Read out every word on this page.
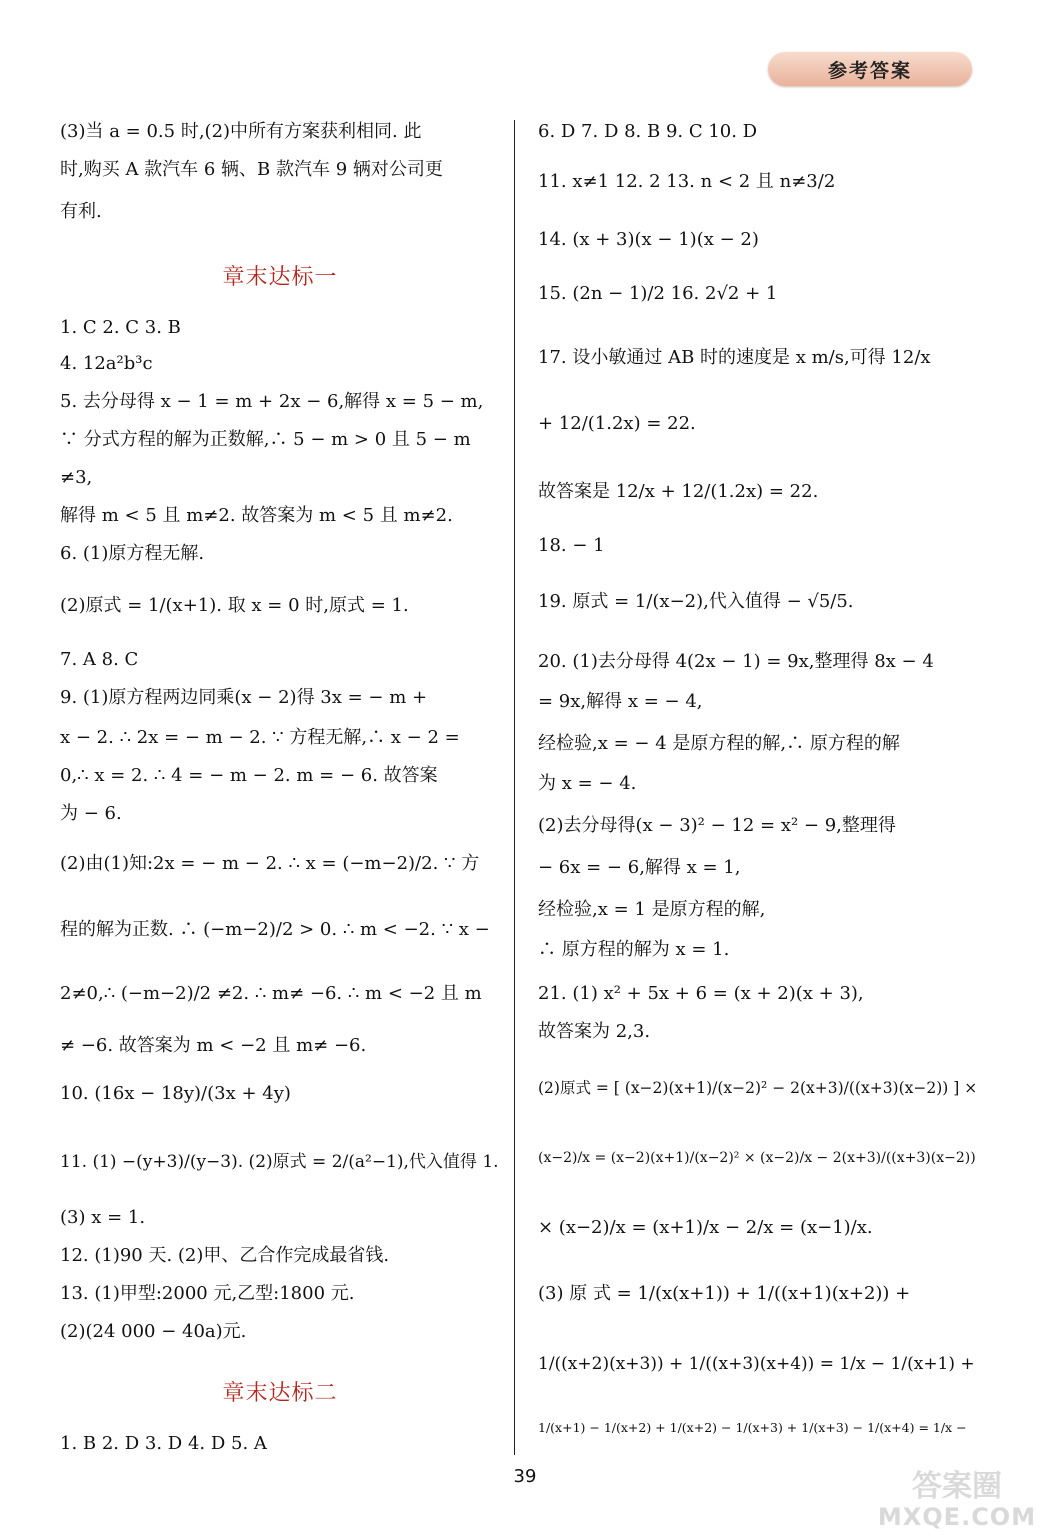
参考答案
(3)当 a = 0.5 时,(2)中所有方案获利相同. 此
时,购买 A 款汽车 6 辆、B 款汽车 9 辆对公司更
有利.
章末达标一
1. C 2. C 3. B
4. 12a²b³c
5. 去分母得 x − 1 = m + 2x − 6,解得 x = 5 − m,
∵ 分式方程的解为正数解,∴ 5 − m > 0 且 5 − m
≠3,
解得 m < 5 且 m≠2. 故答案为 m < 5 且 m≠2.
6. (1)原方程无解.
(2)原式 = 1/(x+1). 取 x = 0 时,原式 = 1.
7. A 8. C
9. (1)原方程两边同乘(x − 2)得 3x = − m +
x − 2. ∴ 2x = − m − 2. ∵ 方程无解,∴ x − 2 =
0,∴ x = 2. ∴ 4 = − m − 2. m = − 6. 故答案
为 − 6.
(2)由(1)知:2x = − m − 2. ∴ x = (−m−2)/2. ∵ 方
程的解为正数. ∴ (−m−2)/2 > 0. ∴ m < −2. ∵ x −
2≠0,∴ (−m−2)/2 ≠2. ∴ m≠ −6. ∴ m < −2 且 m
≠ −6. 故答案为 m < −2 且 m≠ −6.
10. (16x − 18y)/(3x + 4y)
11. (1) −(y+3)/(y−3). (2)原式 = 2/(a²−1),代入值得 1.
(3) x = 1.
12. (1)90 天. (2)甲、乙合作完成最省钱.
13. (1)甲型:2000 元,乙型:1800 元.
(2)(24 000 − 40a)元.
章末达标二
1. B 2. D 3. D 4. D 5. A
6. D 7. D 8. B 9. C 10. D
11. x≠1 12. 2 13. n < 2 且 n≠3/2
14. (x + 3)(x − 1)(x − 2)
15. (2n − 1)/2 16. 2√2 + 1
17. 设小敏通过 AB 时的速度是 x m/s,可得 12/x
+ 12/(1.2x) = 22.
故答案是 12/x + 12/(1.2x) = 22.
18. − 1
19. 原式 = 1/(x−2),代入值得 − √5/5.
20. (1)去分母得 4(2x − 1) = 9x,整理得 8x − 4
= 9x,解得 x = − 4,
经检验,x = − 4 是原方程的解,∴ 原方程的解
为 x = − 4.
(2)去分母得(x − 3)² − 12 = x² − 9,整理得
− 6x = − 6,解得 x = 1,
经检验,x = 1 是原方程的解,
∴ 原方程的解为 x = 1.
21. (1) x² + 5x + 6 = (x + 2)(x + 3),
故答案为 2,3.
(2)原式 = [ (x−2)(x+1)/(x−2)² − 2(x+3)/((x+3)(x−2)) ] ×
(x−2)/x = (x−2)(x+1)/(x−2)² × (x−2)/x − 2(x+3)/((x+3)(x−2))
× (x−2)/x = (x+1)/x − 2/x = (x−1)/x.
(3) 原 式 = 1/(x(x+1)) + 1/((x+1)(x+2)) +
1/((x+2)(x+3)) + 1/((x+3)(x+4)) = 1/x − 1/(x+1) +
1/(x+1) − 1/(x+2) + 1/(x+2) − 1/(x+3) + 1/(x+3) − 1/(x+4) = 1/x −
39	答案圈
MXQE.COM
